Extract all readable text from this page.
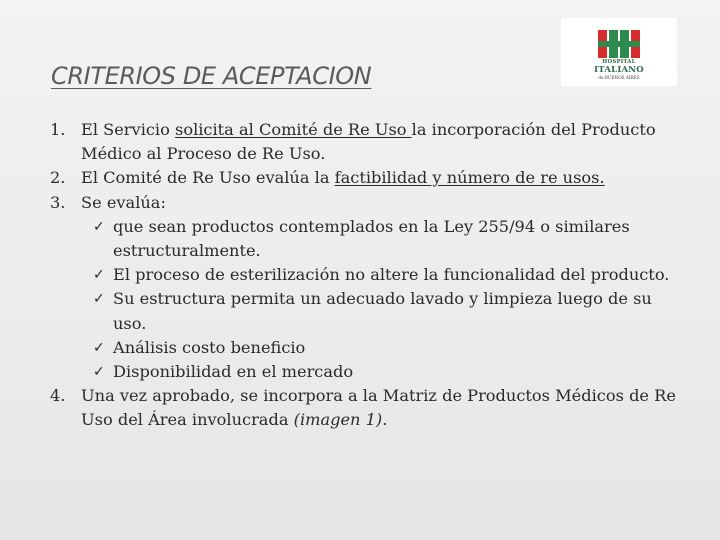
CRITERIOS DE ACEPTACION	HOSPITAL
ITALIANO
de BUENOS AIRES
1. El Servicio solicita al Comité de Re Uso la incorporación del Producto Médico al Proceso de Re Uso.
2. El Comité de Re Uso evalúa la factibilidad y número de re usos.
3. Se evalúa:
✓ que sean productos contemplados en la Ley 255/94 o similares estructuralmente.
✓ El proceso de esterilización no altere la funcionalidad del producto.
✓ Su estructura permita un adecuado lavado y limpieza luego de su uso.
✓ Análisis costo beneficio
✓ Disponibilidad en el mercado
4. Una vez aprobado, se incorpora a la Matriz de Productos Médicos de Re Uso del Área involucrada (imagen 1).
